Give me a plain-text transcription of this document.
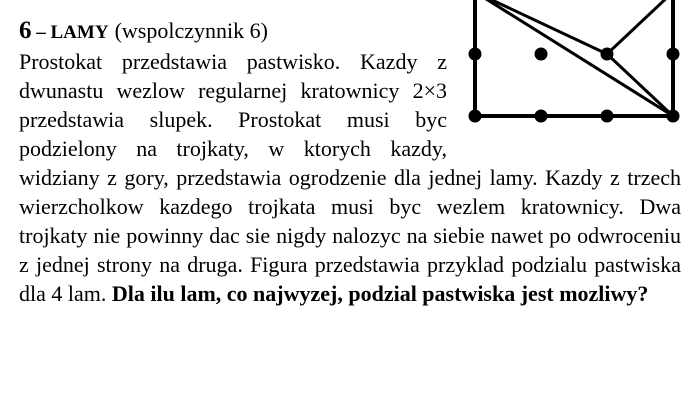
6 – LAMY (wspolczynnik 6)

Prostokat przedstawia pastwisko. Kazdy z dwunastu wezlow regularnej kratownicy 2×3 przedstawia slupek. Prostokat musi byc podzielony na trojkaty, w ktorych kazdy, widziany z gory, przedstawia ogrodzenie dla jednej lamy. Kazdy z trzech wierzcholkow kazdego trojkata musi byc wezlem kratownicy. Dwa trojkaty nie powinny dac sie nigdy nalozyc na siebie nawet po odwroceniu z jednej strony na druga. Figura przedstawia przyklad podzialu pastwiska dla 4 lam. Dla ilu lam, co najwyzej, podzial pastwiska jest mozliwy?
